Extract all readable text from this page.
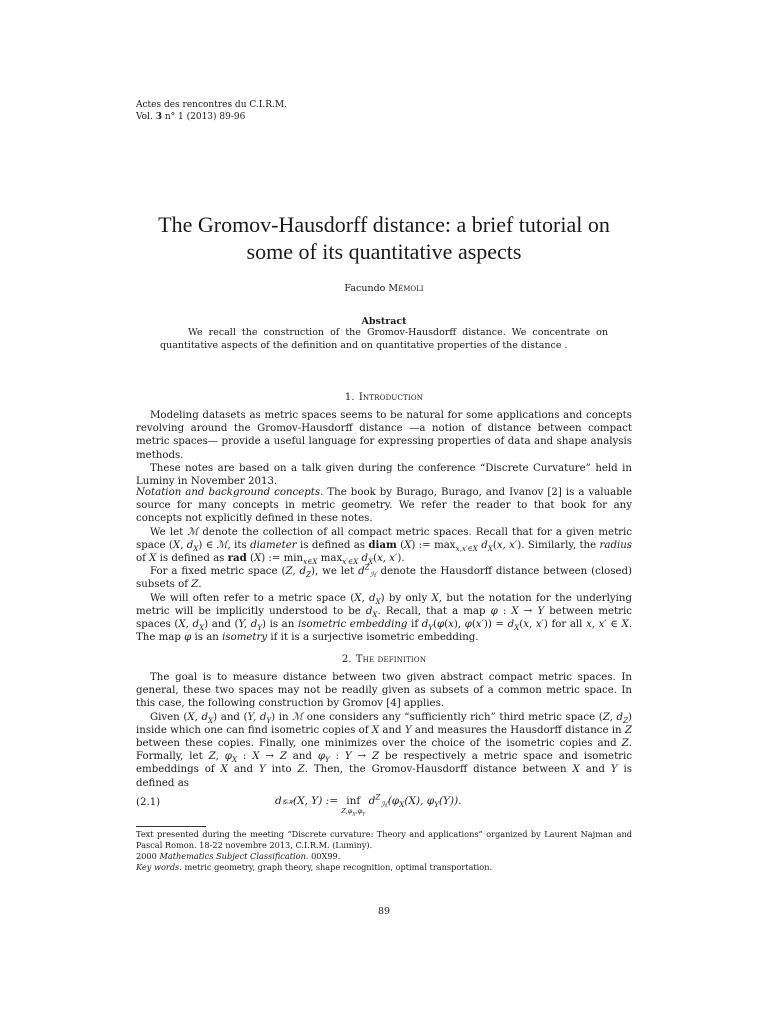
Actes des rencontres du C.I.R.M.
Vol. 3 n° 1 (2013) 89-96
The Gromov-Hausdorff distance: a brief tutorial on
some of its quantitative aspects
Facundo Mémoli
Abstract
We recall the construction of the Gromov-Hausdorff distance. We concentrate on quantitative aspects of the definition and on quantitative properties of the distance .
1. Introduction

Modeling datasets as metric spaces seems to be natural for some applications and concepts revolving around the Gromov-Hausdorff distance —a notion of distance between compact metric spaces— provide a useful language for expressing properties of data and shape analysis methods.

These notes are based on a talk given during the conference “Discrete Curvature” held in Luminy in November 2013.

Notation and background concepts. The book by Burago, Burago, and Ivanov [2] is a valuable source for many concepts in metric geometry. We refer the reader to that book for any concepts not explicitly defined in these notes.

We let ℳ denote the collection of all compact metric spaces. Recall that for a given metric space (X, $d_X$) ∈ ℳ, its diameter is defined as diam (X) := $\max_{x,x'\in X} d_X(x$, x′). Similarly, the radius of X is defined as rad (X) := $\min_{x\in X} \max_{x'\in X} d_X(x$, x′).

For a fixed metric space (Z, $d_Z$), we let $d^Z_ℋ$ denote the Hausdorff distance between (closed) subsets of Z.

We will often refer to a metric space (X, $d_X$) by only X, but the notation for the underlying metric will be implicitly understood to be $d_X$. Recall, that a map φ : X → Y between metric spaces (X, $d_X$) and (Y, $d_Y$) is an isometric embedding if $d_Y(\varphi(x)$, $\varphi(x')) = d_X(x$, x′) for all x, x′ ∈ X. The map φ is an isometry if it is a surjective isometric embedding.

2. The definition

The goal is to measure distance between two given abstract compact metric spaces. In general, these two spaces may not be readily given as subsets of a common metric space. In this case, the following construction by Gromov [4] applies.

Given (X, $d_X$) and (Y, $d_Y$) in ℳ one considers any “sufficiently rich” third metric space (Z, $d_Z$) inside which one can find isometric copies of X and Y and measures the Hausdorff distance in Z between these copies. Finally, one minimizes over the choice of the isometric copies and Z. Formally, let Z, $\varphi_X$ : X → Z and $\varphi_Y$ : Y → Z be respectively a metric space and isometric embeddings of X and Y into Z. Then, the Gromov-Hausdorff distance between X and Y is defined as

(2.1)	d𝒢ℋ(X, Y) := inf
$Z,\varphi_X,\varphi_Y$
$d^Z_ℋ(\varphi_X(X)$, $\varphi_Y(Y)$).

Text presented during the meeting “Discrete curvature: Theory and applications” organized by Laurent Najman and Pascal Romon. 18-22 novembre 2013, C.I.R.M. (Luminy).

2000 Mathematics Subject Classification. 00X99.

Key words. metric geometry, graph theory, shape recognition, optimal transportation.

89
